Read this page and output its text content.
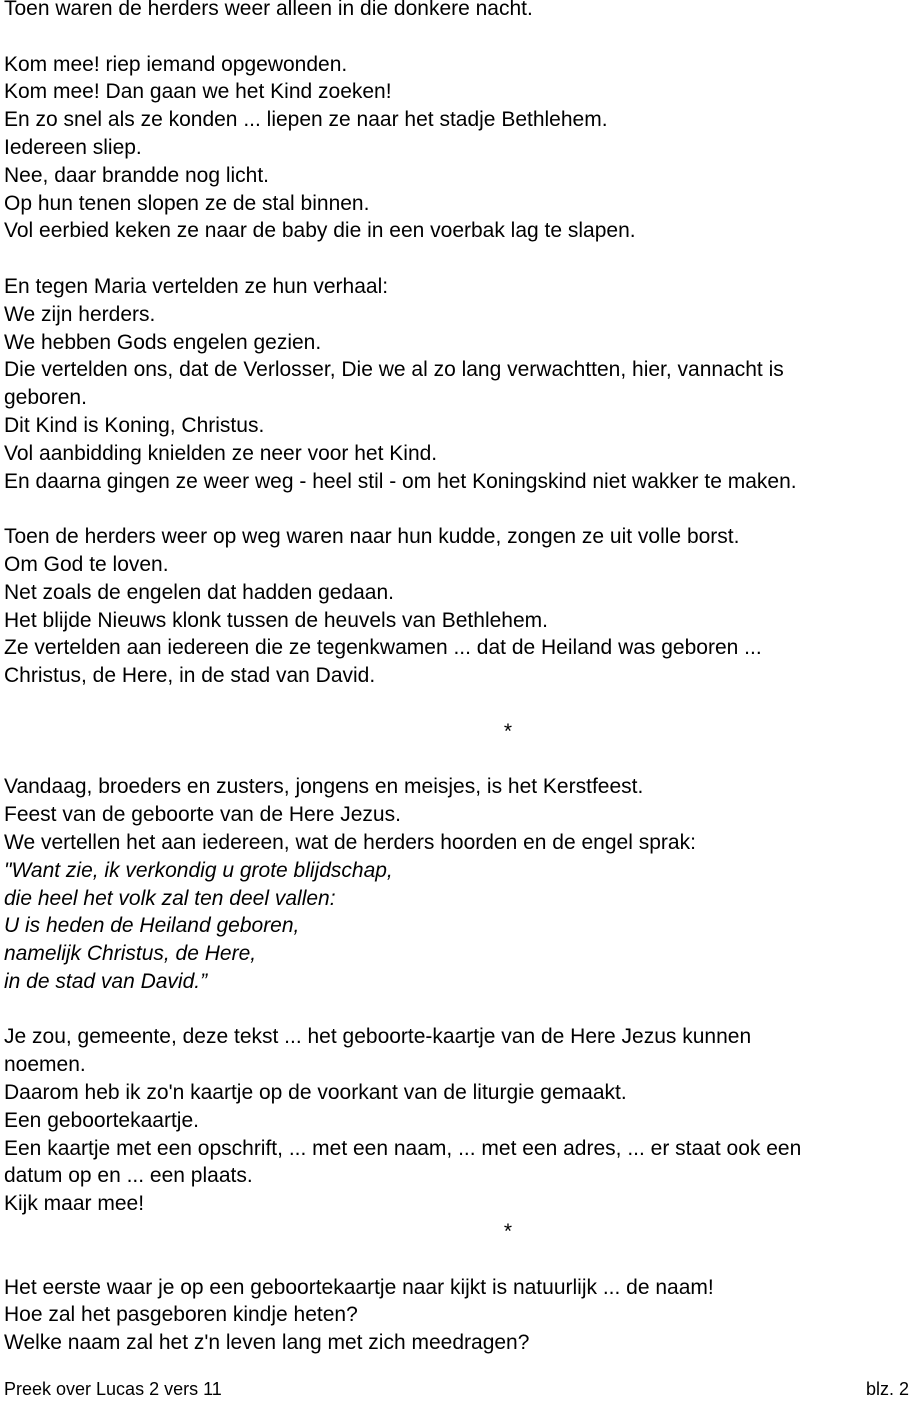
Toen waren de herders weer alleen in die donkere nacht.
Kom mee! riep iemand opgewonden.
Kom mee! Dan gaan we het Kind zoeken!
En zo snel als ze konden ... liepen ze naar het stadje Bethlehem.
Iedereen sliep.
Nee, daar brandde nog licht.
Op hun tenen slopen ze de stal binnen.
Vol eerbied keken ze naar de baby die in een voerbak lag te slapen.
En tegen Maria vertelden ze hun verhaal:
We zijn herders.
We hebben Gods engelen gezien.
Die vertelden ons, dat de Verlosser, Die we al zo lang verwachtten, hier, vannacht is
geboren.
Dit Kind is Koning, Christus.
Vol aanbidding knielden ze neer voor het Kind.
En daarna gingen ze weer weg - heel stil - om het Koningskind niet wakker te maken.
Toen de herders weer op weg waren naar hun kudde, zongen ze uit volle borst.
Om God te loven.
Net zoals de engelen dat hadden gedaan.
Het blijde Nieuws klonk tussen de heuvels van Bethlehem.
Ze vertelden aan iedereen die ze tegenkwamen ... dat de Heiland was geboren ...
Christus, de Here, in de stad van David.
*
Vandaag, broeders en zusters, jongens en meisjes, is het Kerstfeest.
Feest van de geboorte van de Here Jezus.
We vertellen het aan iedereen, wat de herders hoorden en de engel sprak:
"Want zie, ik verkondig u grote blijdschap,
die heel het volk zal ten deel vallen:
U is heden de Heiland geboren,
namelijk Christus, de Here,
in de stad van David.”
Je zou, gemeente, deze tekst ... het geboorte-kaartje van de Here Jezus kunnen
noemen.
Daarom heb ik zo'n kaartje op de voorkant van de liturgie gemaakt.
Een geboortekaartje.
Een kaartje met een opschrift, ... met een naam, ... met een adres, ... er staat ook een
datum op en ... een plaats.
Kijk maar mee!
*
Het eerste waar je op een geboortekaartje naar kijkt is natuurlijk ... de naam!
Hoe zal het pasgeboren kindje heten?
Welke naam zal het z'n leven lang met zich meedragen?
Preek over Lucas 2 vers 11	blz. 2
